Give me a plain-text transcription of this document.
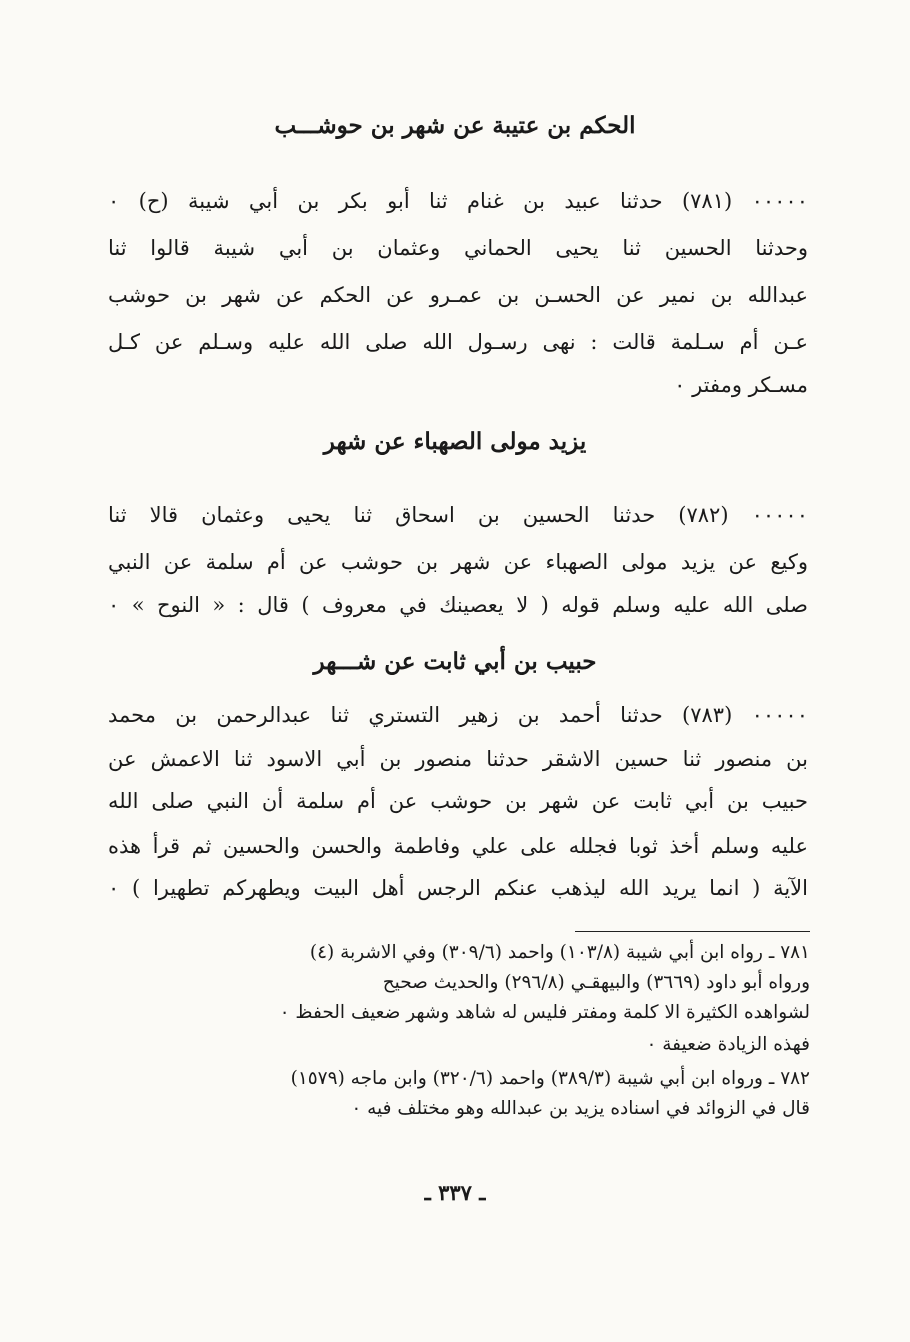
الحكم بن عتيبة عن شهر بن حوشـــب
٠٠٠٠٠ (٧٨١) حدثنا عبيد بن غنام ثنا أبو بكر بن أبي شيبة (ح) ٠
وحدثنا الحسين ثنا يحيى الحماني وعثمان بن أبي شيبة قالوا ثنا
عبدالله بن نمير عن الحسـن بن عمـرو عن الحكم عن شهر بن حوشب
عـن أم سـلمة قالت : نهى رسـول الله صلى الله عليه وسـلم عن كـل
مسـكر ومفتر ٠
يزيد مولى الصهباء عن شهر
٠٠٠٠٠ (٧٨٢) حدثنا الحسين بن اسحاق ثنا يحيى وعثمان قالا ثنا
وكيع عن يزيد مولى الصهباء عن شهر بن حوشب عن أم سلمة عن النبي
صلى الله عليه وسلم قوله ( لا يعصينك في معروف ) قال : « النوح » ٠
حبيب بن أبي ثابت عن شـــهر
٠٠٠٠٠ (٧٨٣) حدثنا أحمد بن زهير التستري ثنا عبدالرحمن بن محمد
بن منصور ثنا حسين الاشقر حدثنا منصور بن أبي الاسود ثنا الاعمش عن
حبيب بن أبي ثابت عن شهر بن حوشب عن أم سلمة أن النبي صلى الله
عليه وسلم أخذ ثوبا فجلله على علي وفاطمة والحسن والحسين ثم قرأ هذه
الآية ( انما يريد الله ليذهب عنكم الرجس أهل البيت ويطهركم تطهيرا ) ٠
٧٨١ ـ رواه ابن أبي شيبة (١٠٣/٨) واحمد (٣٠٩/٦) وفي الاشربة (٤)
ورواه أبو داود (٣٦٦٩) والبيهقـي (٢٩٦/٨) والحديث صحيح
لشواهده الكثيرة الا كلمة ومفتر فليس له شاهد وشهر ضعيف الحفظ ٠
فهذه الزيادة ضعيفة ٠
٧٨٢ ـ ورواه ابن أبي شيبة (٣٨٩/٣) واحمد (٣٢٠/٦) وابن ماجه (١٥٧٩)
قال في الزوائد في اسناده يزيد بن عبدالله وهو مختلف فيه ٠
ـ ٣٣٧ ـ
